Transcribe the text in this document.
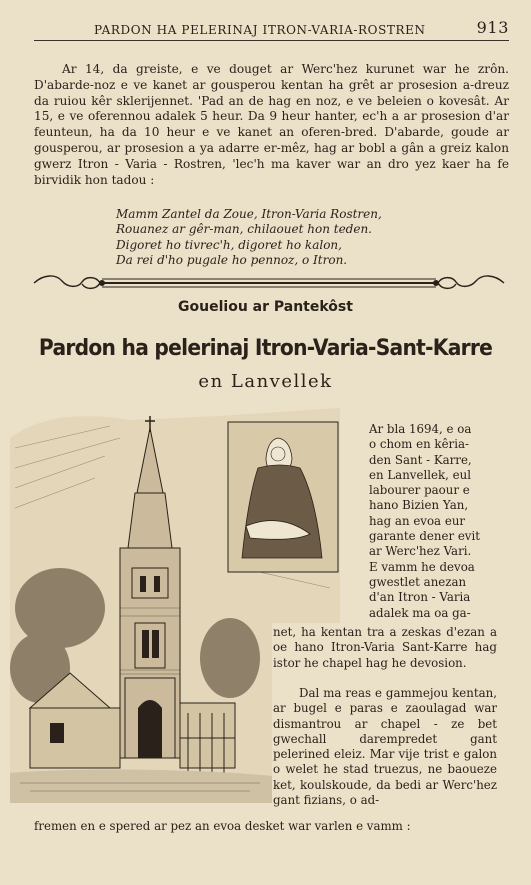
PARDON HA PELERINAJ ITRON-VARIA-ROSTREN	913

Ar 14, da greiste, e ve douget ar Werc'hez kurunet war he zrôn. D'abarde-noz e ve kanet ar gousperou kentan ha grêt ar prosesion a-dreuz da ruiou kêr sklerijennet. 'Pad an de hag en noz, e ve beleien o kovesât. Ar 15, e ve oferennou adalek 5 heur. Da 9 heur hanter, ec'h a ar prosesion d'ar feunteun, ha da 10 heur e ve kanet an oferen-bred. D'abarde, goude ar gousperou, ar prosesion a ya adarre er-mêz, hag ar bobl a gân a greiz kalon gwerz Itron - Varia - Rostren, 'lec'h ma kaver war an dro yez kaer ha fe birvidik hon tadou :

Mamm Zantel da Zoue, Itron-Varia Rostren,
Rouanez ar gêr-man, chilaouet hon teden.
Digoret ho tivrec'h, digoret ho kalon,
Da rei d'ho pugale ho pennoz, o Itron.
Goueliou ar Pantekôst
Pardon ha pelerinaj Itron-Varia-Sant-Karre
en Lanvellek
Ar bla 1694, e oa
o chom en kêria-
den Sant - Karre,
en Lanvellek, eul
labourer paour e
hano Bizien Yan,
hag an evoa eur
garante dener evit
ar Werc'hez Vari.
E vamm he devoa
gwestlet anezan
d'an Itron - Varia
adalek ma oa ga-

net, ha kentan tra a zeskas d'ezan a oe hano Itron-Varia Sant-Karre hag istor he chapel hag he devosion.

Dal ma reas e gammejou kentan, ar bugel e paras e zaoulagad war dismantrou ar chapel - ze bet gwechall darempredet gant pelerined eleiz. Mar vije trist e galon o welet he stad truezus, ne baoueze ket, koulskoude, da bedi ar Werc'hez gant fizians, o ad-

fremen en e spered ar pez an evoa desket war varlen e vamm :
